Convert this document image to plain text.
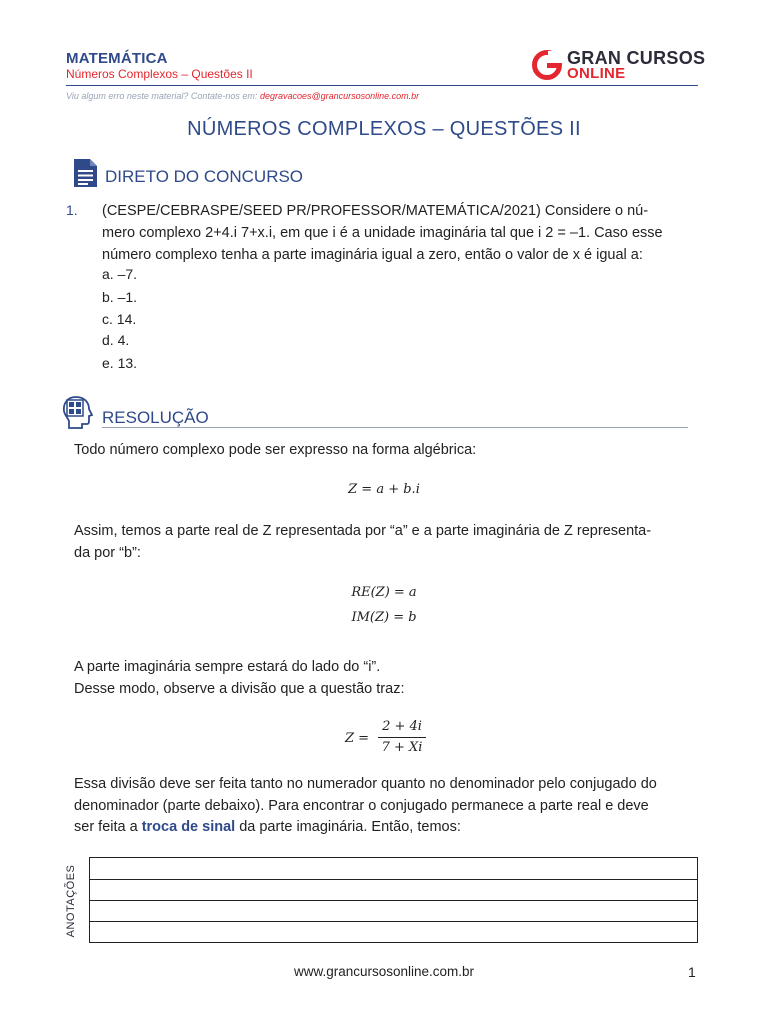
MATEMÁTICA
Números Complexos – Questões II
Viu algum erro neste material? Contate-nos em: degravacoes@grancursosonline.com.br
GRAN CURSOS
ONLINE
NÚMEROS COMPLEXOS – QUESTÕES II
DIRETO DO CONCURSO
1. (CESPE/CEBRASPE/SEED PR/PROFESSOR/MATEMÁTICA/2021) Considere o nú-
mero complexo 2+4.i 7+x.i, em que i é a unidade imaginária tal que i 2 = –1. Caso esse
número complexo tenha a parte imaginária igual a zero, então o valor de x é igual a:
a. –7.
b. –1.
c. 14.
d. 4.
e. 13.
RESOLUÇÃO
Todo número complexo pode ser expresso na forma algébrica:
Z = a + b.i
Assim, temos a parte real de Z representada por “a” e a parte imaginária de Z representa-
da por “b”:
RE(Z) = a
IM(Z) = b
A parte imaginária sempre estará do lado do “i”.
Desse modo, observe a divisão que a questão traz:
Z =
2 + 4i
7 + Xi
Essa divisão deve ser feita tanto no numerador quanto no denominador pelo conjugado do
denominador (parte debaixo). Para encontrar o conjugado permanece a parte real e deve
ser feita a troca de sinal da parte imaginária. Então, temos:
ANOTAÇÕES
www.grancursosonline.com.br	1
